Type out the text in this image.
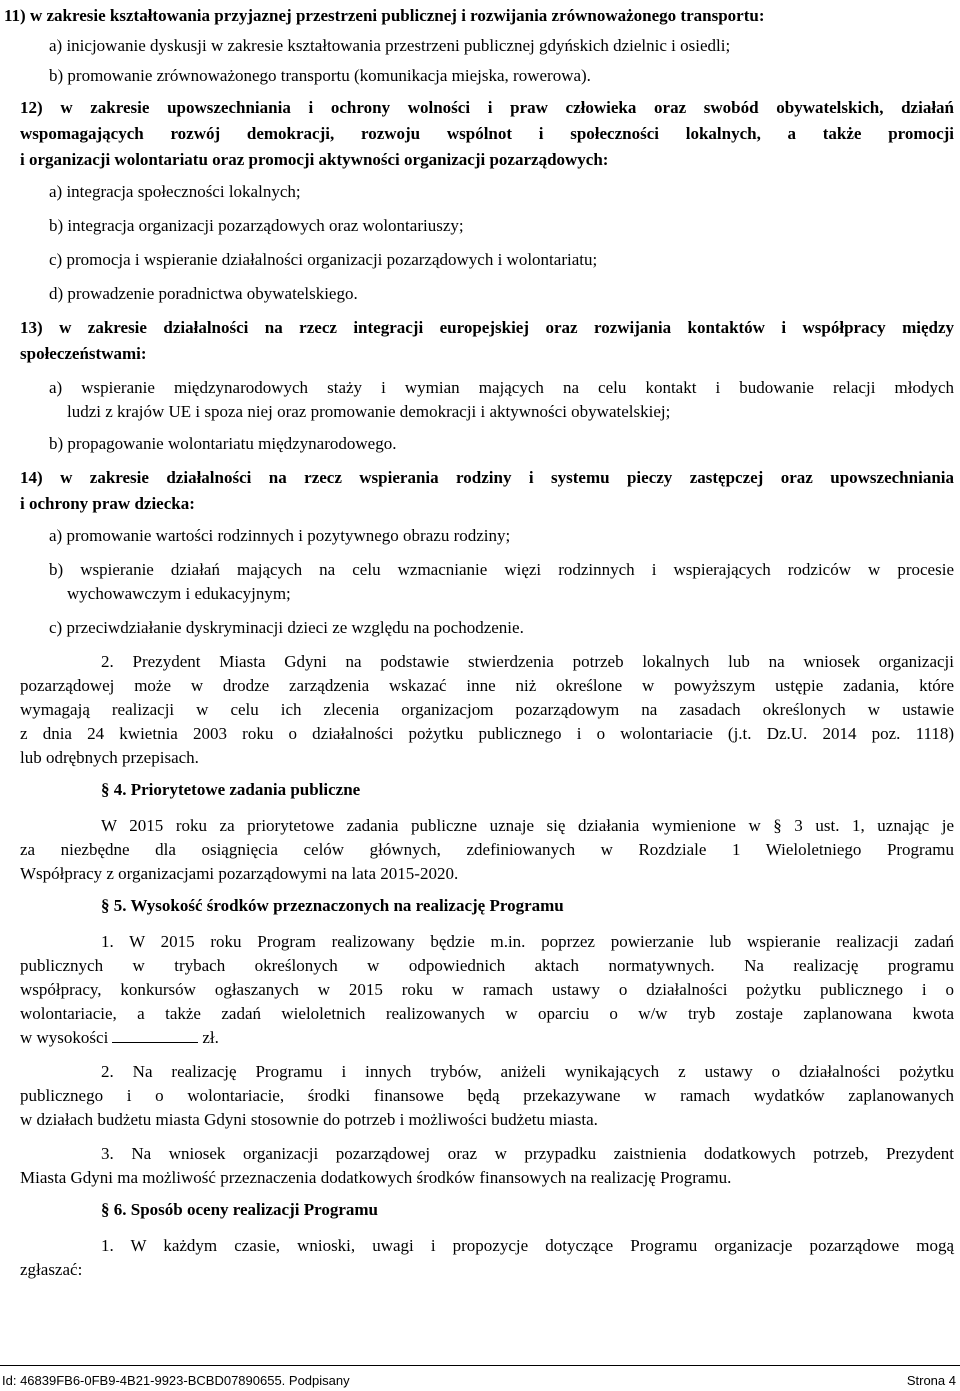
11) w zakresie kształtowania przyjaznej przestrzeni publicznej i rozwijania zrównoważonego transportu:
a) inicjowanie dyskusji w zakresie kształtowania przestrzeni publicznej gdyńskich dzielnic i osiedli;
b) promowanie zrównoważonego transportu (komunikacja miejska, rowerowa).
12) w zakresie upowszechniania i ochrony wolności i praw człowieka oraz swobód obywatelskich, działań
wspomagających rozwój demokracji, rozwoju wspólnot i społeczności lokalnych, a także promocji
i organizacji wolontariatu oraz promocji aktywności organizacji pozarządowych:
a) integracja społeczności lokalnych;
b) integracja organizacji pozarządowych oraz wolontariuszy;
c) promocja i wspieranie działalności organizacji pozarządowych i wolontariatu;
d) prowadzenie poradnictwa obywatelskiego.
13) w zakresie działalności na rzecz integracji europejskiej oraz rozwijania kontaktów i współpracy między
społeczeństwami:
a) wspieranie międzynarodowych staży i wymian mających na celu kontakt i budowanie relacji młodych
ludzi z krajów UE i spoza niej oraz promowanie demokracji i aktywności obywatelskiej;
b) propagowanie wolontariatu międzynarodowego.
14) w zakresie działalności na rzecz wspierania rodziny i systemu pieczy zastępczej oraz upowszechniania
i ochrony praw dziecka:
a) promowanie wartości rodzinnych i pozytywnego obrazu rodziny;
b) wspieranie działań mających na celu wzmacnianie więzi rodzinnych i wspierających rodziców w procesie
wychowawczym i edukacyjnym;
c) przeciwdziałanie dyskryminacji dzieci ze względu na pochodzenie.
2. Prezydent Miasta Gdyni na podstawie stwierdzenia potrzeb lokalnych lub na wniosek organizacji
pozarządowej może w drodze zarządzenia wskazać inne niż określone w powyższym ustępie zadania, które
wymagają realizacji w celu ich zlecenia organizacjom pozarządowym na zasadach określonych w ustawie
z dnia 24 kwietnia 2003 roku o działalności pożytku publicznego i o wolontariacie (j.t. Dz.U. 2014 poz. 1118)
lub odrębnych przepisach.
§ 4. Priorytetowe zadania publiczne
W 2015 roku za priorytetowe zadania publiczne uznaje się działania wymienione w § 3 ust. 1, uznając je
za niezbędne dla osiągnięcia celów głównych, zdefiniowanych w Rozdziale 1 Wieloletniego Programu
Współpracy z organizacjami pozarządowymi na lata 2015-2020.
§ 5. Wysokość środków przeznaczonych na realizację Programu
1. W 2015 roku Program realizowany będzie m.in. poprzez powierzanie lub wspieranie realizacji zadań
publicznych w trybach określonych w odpowiednich aktach normatywnych. Na realizację programu
współpracy, konkursów ogłaszanych w 2015 roku w ramach ustawy o działalności pożytku publicznego i o
wolontariacie, a także zadań wieloletnich realizowanych w oparciu o w/w tryb zostaje zaplanowana kwota
w wysokości	zł.
2. Na realizację Programu i innych trybów, aniżeli wynikających z ustawy o działalności pożytku
publicznego i o wolontariacie, środki finansowe będą przekazywane w ramach wydatków zaplanowanych
w działach budżetu miasta Gdyni stosownie do potrzeb i możliwości budżetu miasta.
3. Na wniosek organizacji pozarządowej oraz w przypadku zaistnienia dodatkowych potrzeb, Prezydent
Miasta Gdyni ma możliwość przeznaczenia dodatkowych środków finansowych na realizację Programu.
§ 6. Sposób oceny realizacji Programu
1. W każdym czasie, wnioski, uwagi i propozycje dotyczące Programu organizacje pozarządowe mogą
zgłaszać:
Id: 46839FB6-0FB9-4B21-9923-BCBD07890655. Podpisany	Strona 4
